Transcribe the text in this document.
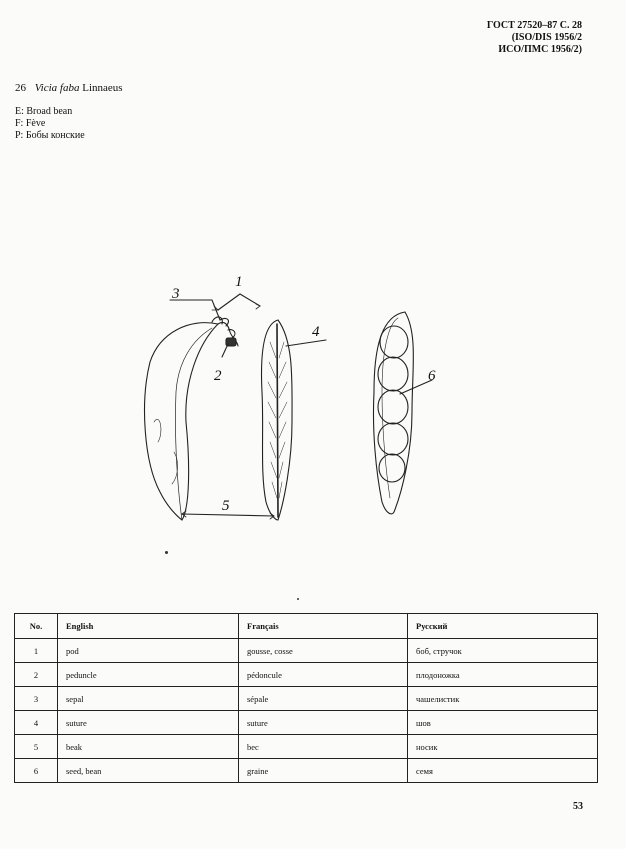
ГОСТ 27520–87 С. 28
(ISO/DIS 1956/2
ИСО/ПМС 1956/2)
26 Vicia faba Linnaeus
E: Broad bean
F: Fève
P: Бобы конские
1
3
2
4
5
6
No.	English	Français	Русский
1	pod	gousse, cosse	боб, стручок
2	peduncle	pédoncule	плодоножка
3	sepal	sépale	чашелистик
4	suture	suture	шов
5	beak	bec	носик
6	seed, bean	graine	семя
53
